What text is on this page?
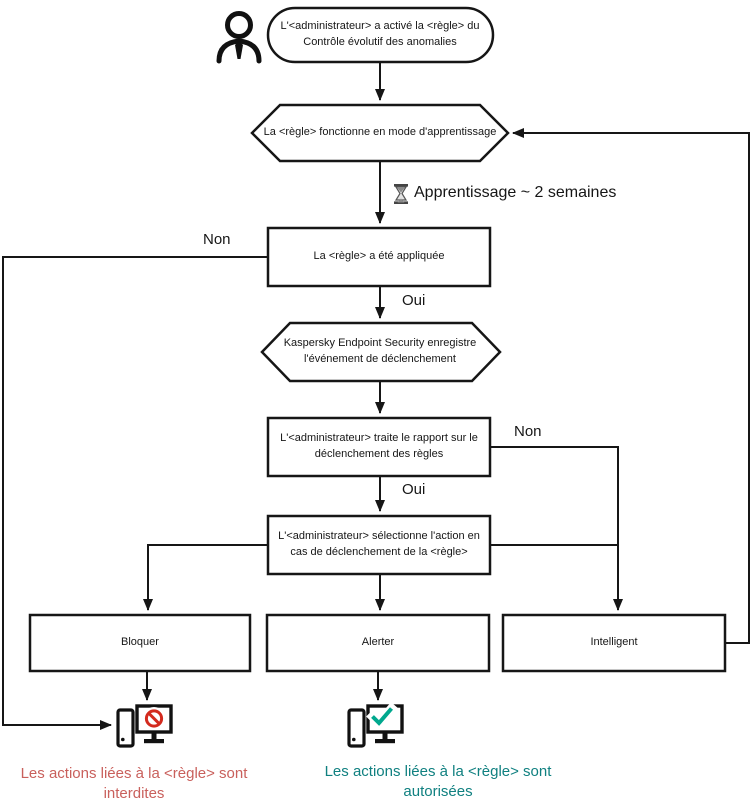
L'<administrateur> a activé la <règle> du
Contrôle évolutif des anomalies
La <règle> fonctionne en mode d'apprentissage
Apprentissage ~ 2 semaines
La <règle> a été appliquée
Kaspersky Endpoint Security enregistre
l'événement de déclenchement
L'<administrateur> traite le rapport sur le
déclenchement des règles
L'<administrateur> sélectionne l'action en
cas de déclenchement de la <règle>
Bloquer	Alerter	Intelligent
Non
Oui
Non
Oui
Les actions liées à la <règle> sont
interdites
Les actions liées à la <règle> sont
autorisées
